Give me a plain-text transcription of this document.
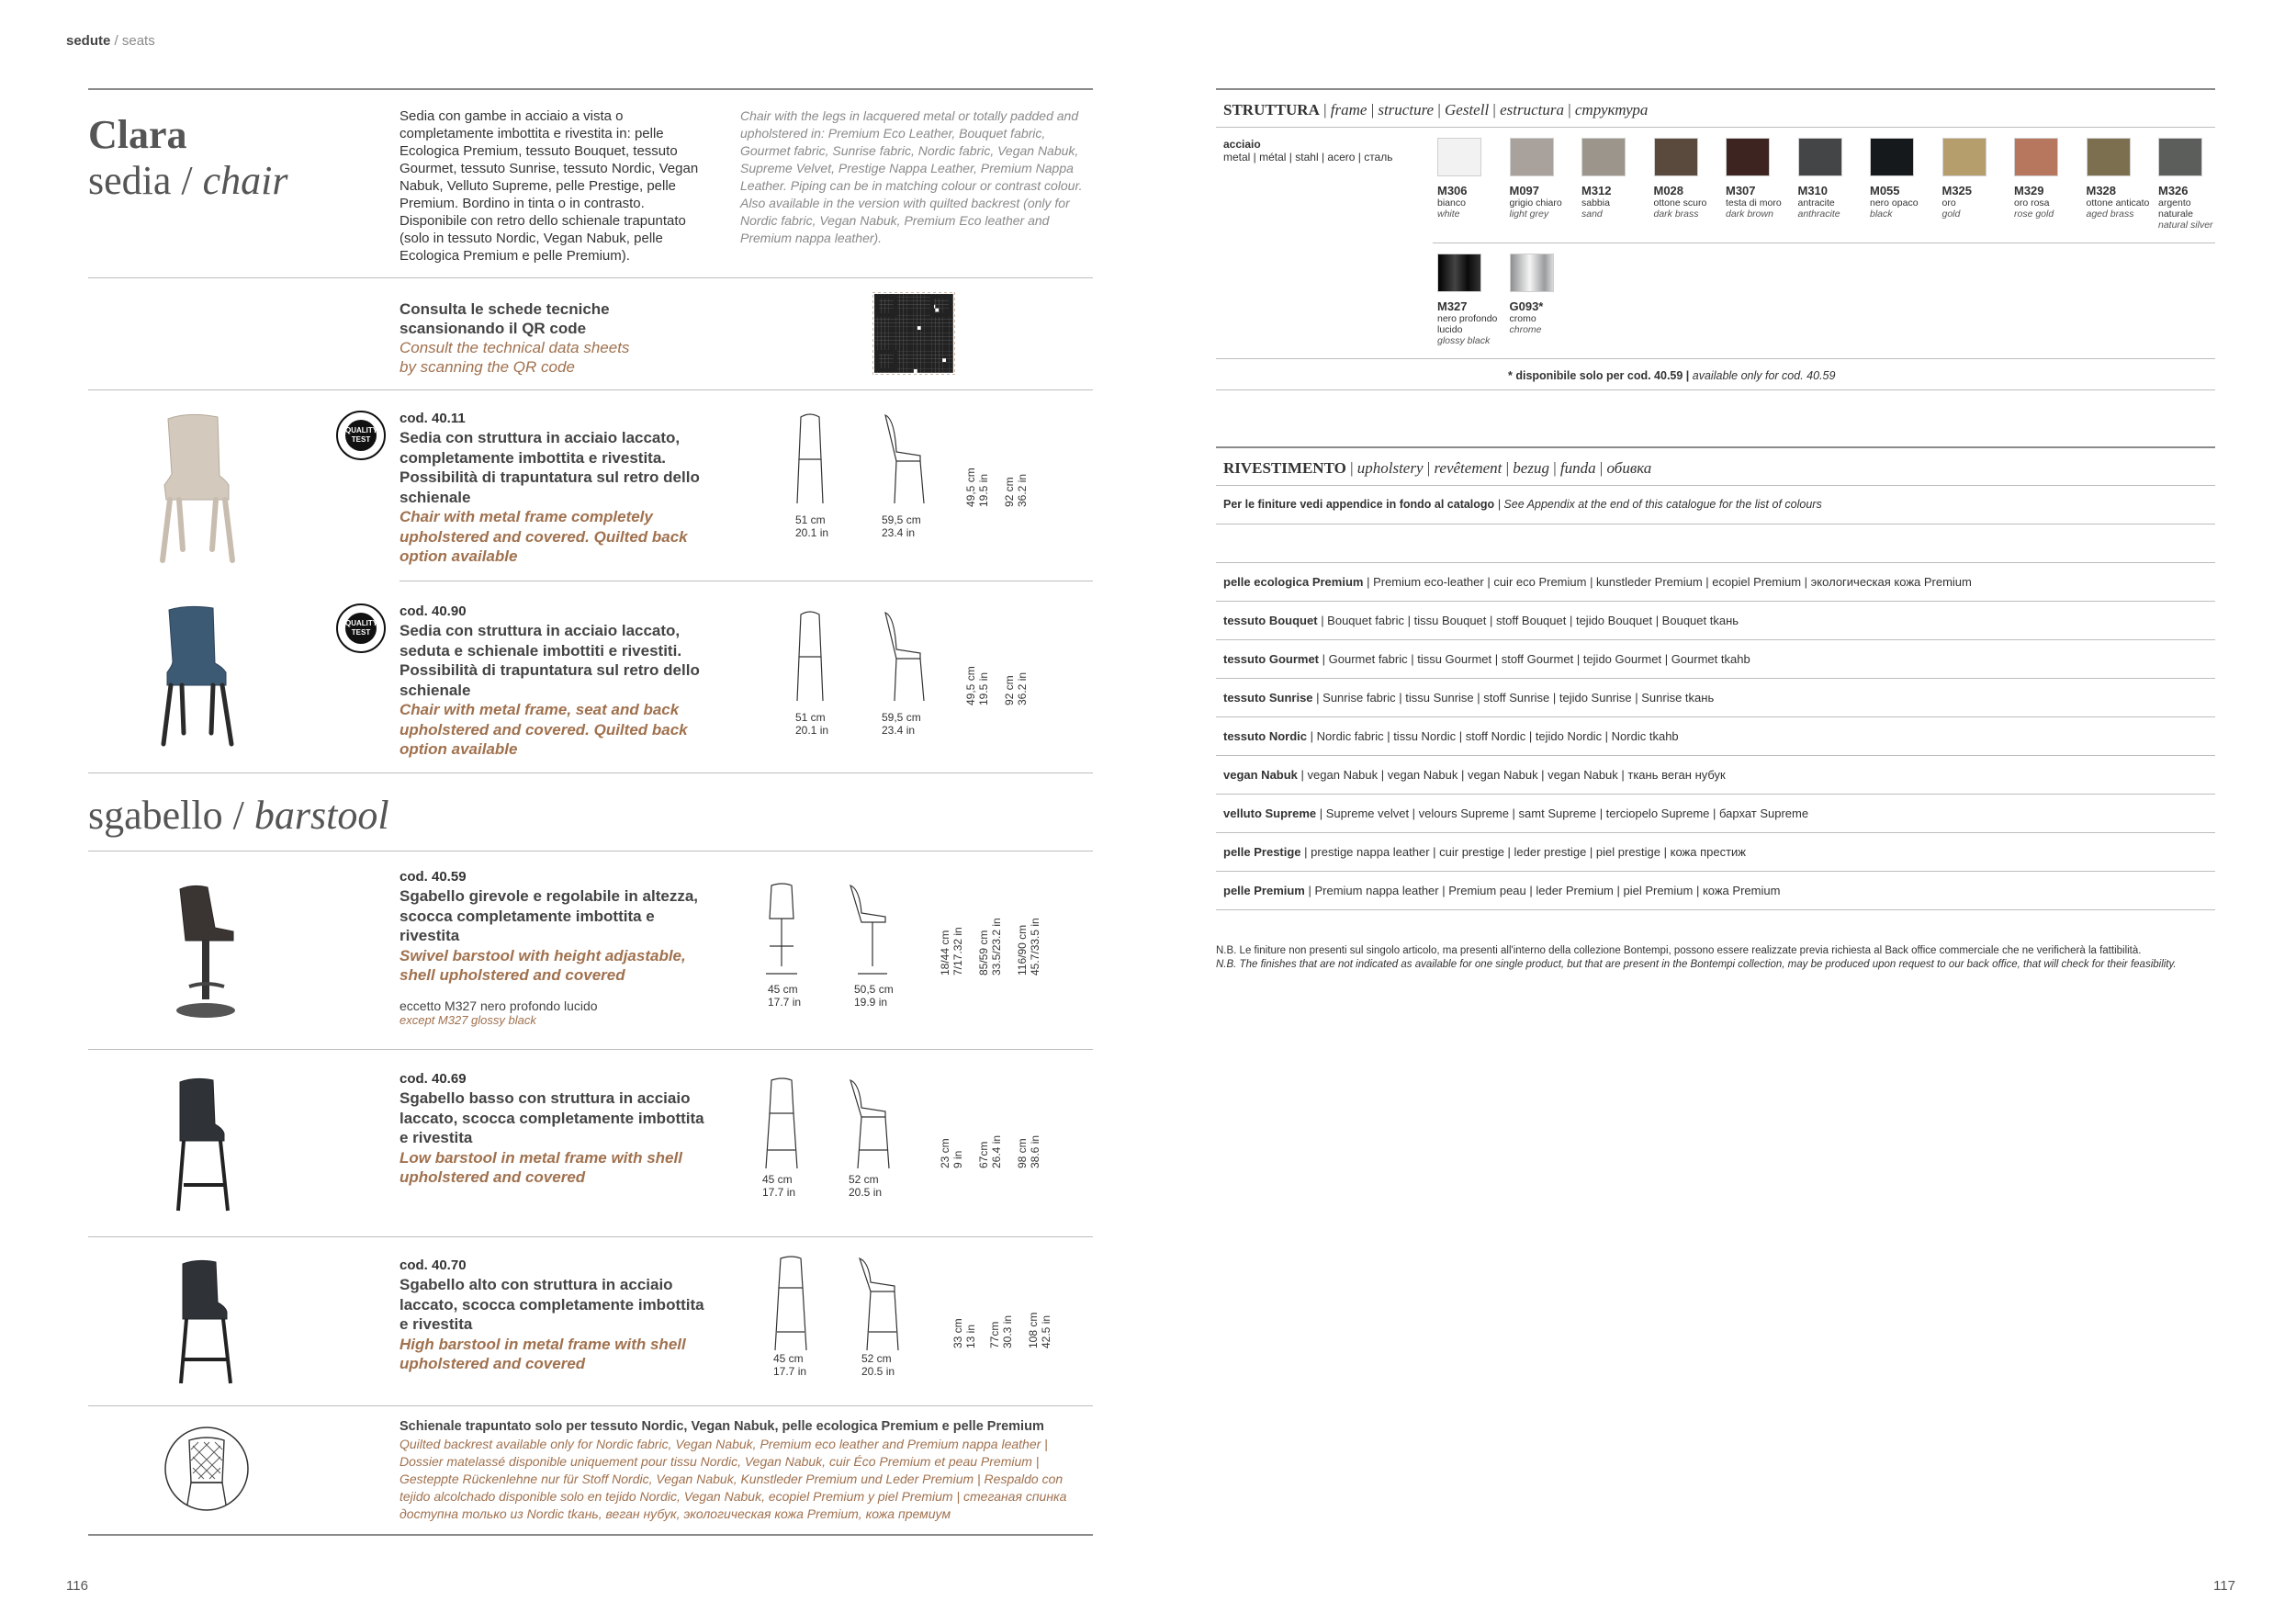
sedute / seats
Clara
sedia / chair
Sedia con gambe in acciaio a vista o completamente imbottita e rivestita in: pelle Ecologica Premium, tessuto Bouquet, tessuto Gourmet, tessuto Sunrise, tessuto Nordic, Vegan Nabuk, Velluto Supreme, pelle Prestige, pelle Premium. Bordino in tinta o in contrasto. Disponibile con retro dello schienale trapuntato (solo in tessuto Nordic, Vegan Nabuk, pelle Ecologica Premium e pelle Premium).
Chair with the legs in lacquered metal or totally padded and upholstered in: Premium Eco Leather, Bouquet fabric, Gourmet fabric, Sunrise fabric, Nordic fabric, Vegan Nabuk, Supreme Velvet, Prestige Nappa Leather, Premium Nappa Leather. Piping can be in matching colour or contrast colour. Also available in the version with quilted backrest (only for Nordic fabric, Vegan Nabuk, Premium Eco leather and Premium nappa leather).
Consulta le schede tecniche
scansionando il QR code
Consult the technical data sheets
by scanning the QR code
QUALITY TEST
cod. 40.11
Sedia con struttura in acciaio laccato, completamente imbottita e rivestita. Possibilità di trapuntatura sul retro dello schienale
Chair with metal frame completely upholstered and covered. Quilted back option available
51 cm
20.1 in
59,5 cm
23.4 in
49,5 cm 19.5 in 92 cm 36.2 in
QUALITY TEST
cod. 40.90
Sedia con struttura in acciaio laccato, seduta e schienale imbottiti e rivestiti. Possibilità di trapuntatura sul retro dello schienale
Chair with metal frame, seat and back upholstered and covered. Quilted back option available
51 cm
20.1 in
59,5 cm
23.4 in
49,5 cm 19.5 in 92 cm 36.2 in
sgabello / barstool
cod. 40.59
Sgabello girevole e regolabile in altezza, scocca completamente imbottita e rivestita
Swivel barstool with height adjastable, shell upholstered and covered
eccetto M327 nero profondo lucido
except M327 glossy black
45 cm
17.7 in
50,5 cm
19.9 in
18/44 cm 7/17.32 in 85/59 cm 33.5/23.2 in 116/90 cm 45.7/33.5 in
cod. 40.69
Sgabello basso con struttura in acciaio laccato, scocca completamente imbottita e rivestita
Low barstool in metal frame with shell upholstered and covered	45 cm
17.7 in
52 cm
20.5 in
23 cm 9 in 67cm 26.4 in 98 cm 38.6 in
cod. 40.70
Sgabello alto con struttura in acciaio laccato, scocca completamente imbottita e rivestita
High barstool in metal frame with shell upholstered and covered	45 cm
17.7 in
52 cm
20.5 in
33 cm 13 in 77cm 30.3 in 108 cm 42.5 in
Schienale trapuntato solo per tessuto Nordic, Vegan Nabuk, pelle ecologica Premium e pelle Premium
Quilted backrest available only for Nordic fabric, Vegan Nabuk, Premium eco leather and Premium nappa leather | Dossier matelassé disponible uniquement pour tissu Nordic, Vegan Nabuk, cuir Éco Premium et peau Premium | Gesteppte Rückenlehne nur für Stoff Nordic, Vegan Nabuk, Kunstleder Premium und Leder Premium | Respaldo con tejido alcolchado disponible solo en tejido Nordic, Vegan Nabuk, ecopiel Premium y piel Premium | стеганая спинка доступна только из Nordic tkaнь, веган нубук, экологическая кожа Premium, кожа премиум
116
STRUTTURA | frame | structure | Gestell | estructura | структура
acciaio
metal | métal | stahl | acero | сталь
M306
bianco
white
M097
grigio chiaro
light grey
M312
sabbia
sand
M028
ottone scuro
dark brass
M307
testa di moro
dark brown
M310
antracite
anthracite
M055
nero opaco
black
M325
oro
gold
M329
oro rosa
rose gold
M328
ottone anticato
aged brass
M326
argento naturale
natural silver
M327
nero profondo lucido
glossy black
G093*
cromo
chrome
* disponibile solo per cod. 40.59 | available only for cod. 40.59
RIVESTIMENTO | upholstery | revêtement | bezug | funda | обивка
Per le finiture vedi appendice in fondo al catalogo | See Appendix at the end of this catalogue for the list of colours
pelle ecologica Premium | Premium eco-leather | cuir eco Premium | kunstleder Premium | ecopiel Premium | экологическая кожа Premium
tessuto Bouquet | Bouquet fabric | tissu Bouquet | stoff Bouquet | tejido Bouquet | Bouquet tkaнь
tessuto Gourmet | Gourmet fabric | tissu Gourmet | stoff Gourmet | tejido Gourmet | Gourmet tkahb
tessuto Sunrise | Sunrise fabric | tissu Sunrise | stoff Sunrise | tejido Sunrise | Sunrise tkaнь
tessuto Nordic | Nordic fabric | tissu Nordic | stoff Nordic | tejido Nordic | Nordic tkahb
vegan Nabuk | vegan Nabuk | vegan Nabuk | vegan Nabuk | vegan Nabuk | ткань веган нубук
velluto Supreme | Supreme velvet | velours Supreme | samt Supreme | terciopelo Supreme | бархат Supreme
pelle Prestige | prestige nappa leather | cuir prestige | leder prestige | piel prestige | кожа престиж
pelle Premium | Premium nappa leather | Premium peau | leder Premium | piel Premium | кожа Premium
N.B. Le finiture non presenti sul singolo articolo, ma presenti all'interno della collezione Bontempi, possono essere realizzate previa richiesta al Back office commerciale che ne verificherà la fattibilità.
N.B. The finishes that are not indicated as available for one single product, but that are present in the Bontempi collection, may be produced upon request to our back office, that will check for their feasibility.
117
